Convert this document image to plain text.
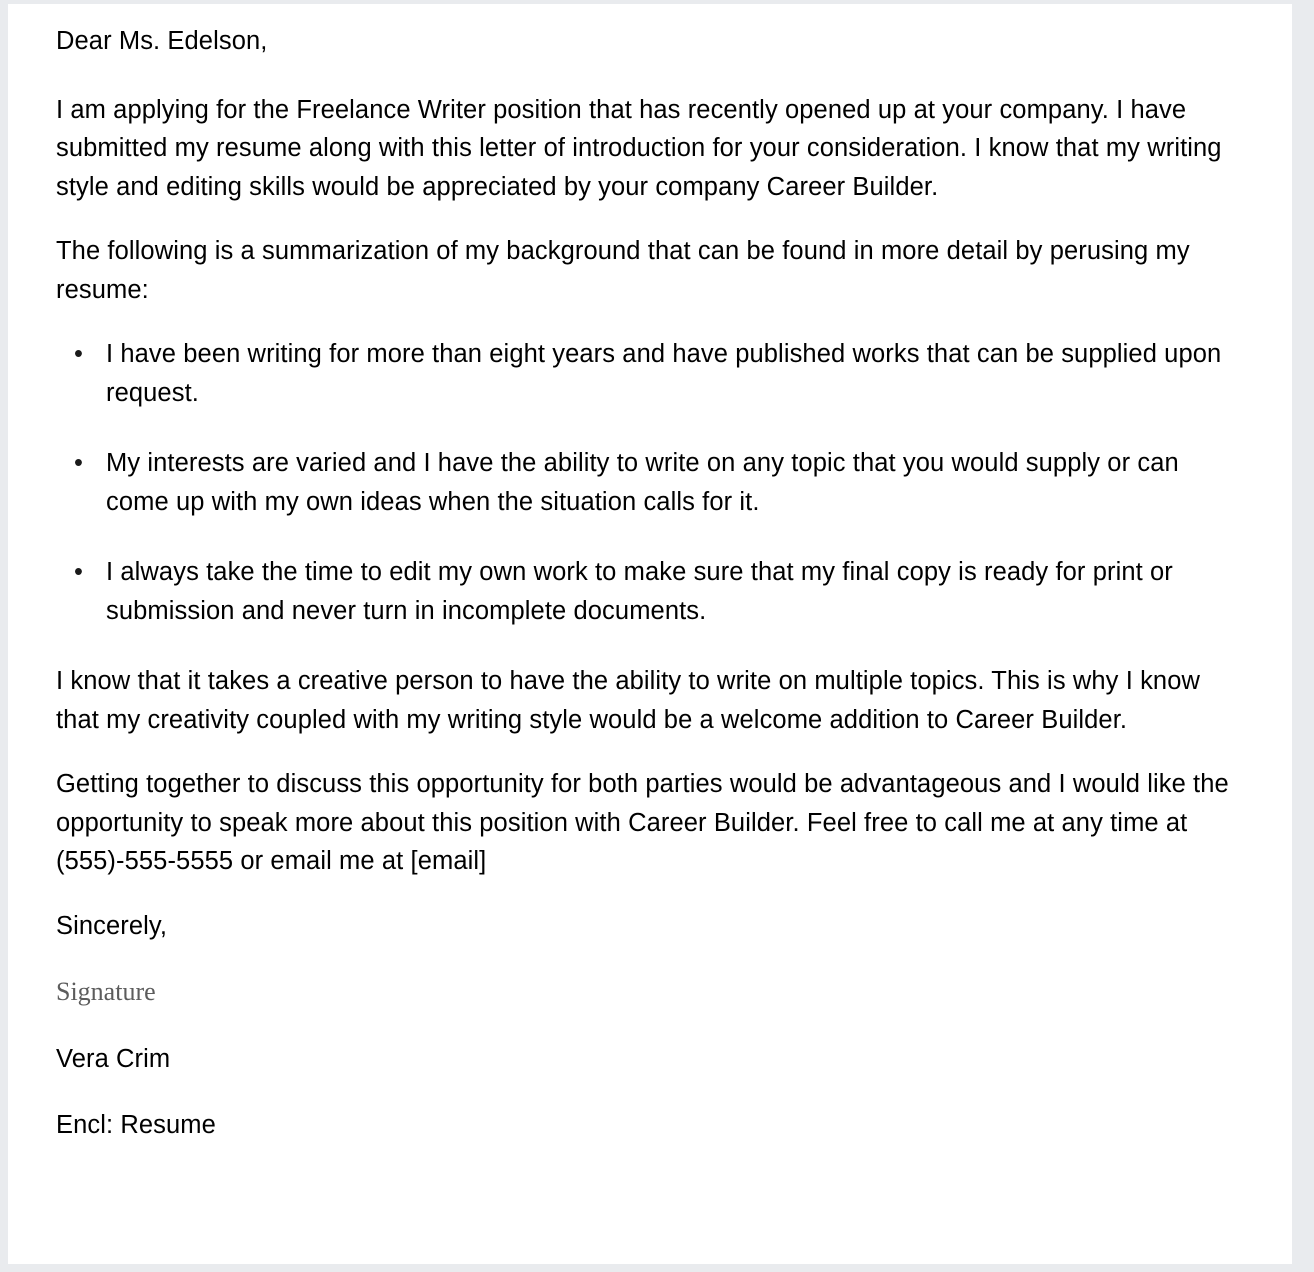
Dear Ms. Edelson,

I am applying for the Freelance Writer position that has recently opened up at your company. I have submitted my resume along with this letter of introduction for your consideration. I know that my writing style and editing skills would be appreciated by your company Career Builder.

The following is a summarization of my background that can be found in more detail by perusing my resume:

• I have been writing for more than eight years and have published works that can be supplied upon request.
• My interests are varied and I have the ability to write on any topic that you would supply or can come up with my own ideas when the situation calls for it.
• I always take the time to edit my own work to make sure that my final copy is ready for print or submission and never turn in incomplete documents.

I know that it takes a creative person to have the ability to write on multiple topics. This is why I know that my creativity coupled with my writing style would be a welcome addition to Career Builder.

Getting together to discuss this opportunity for both parties would be advantageous and I would like the opportunity to speak more about this position with Career Builder. Feel free to call me at any time at (555)-555-5555 or email me at [email]

Sincerely,

Signature

Vera Crim

Encl: Resume
